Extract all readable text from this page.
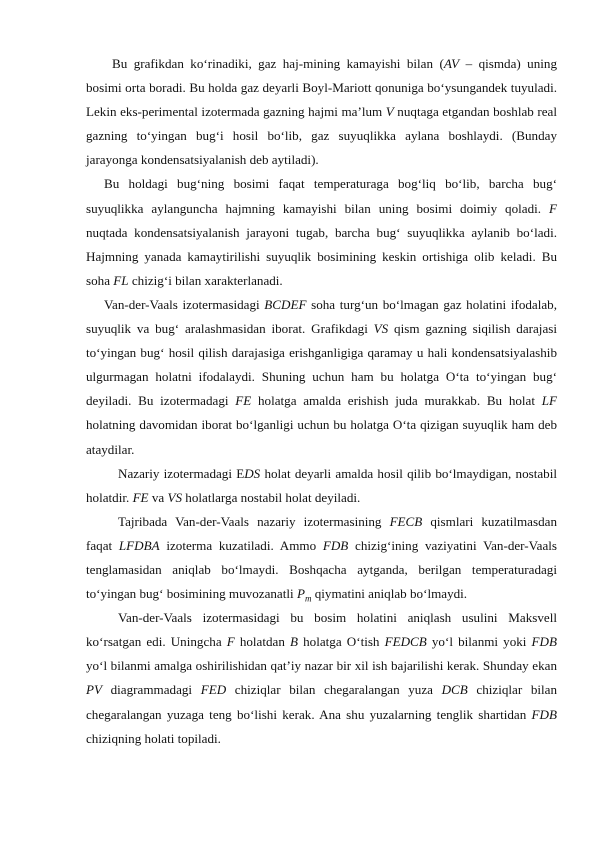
Bu grafikdan ko‘rinadiki, gaz haj-mining kamayishi bilan (AV – qismda) uning bosimi orta boradi. Bu holda gaz deyarli Boyl-Mariott qonuniga bo‘ysungandek tuyuladi. Lekin eks-perimental izotermada gazning hajmi ma’lum V nuqtaga etgandan boshlab real gazning to‘yingan bug‘i hosil bo‘lib, gaz suyuqlikka aylana boshlaydi. (Bunday jarayonga kondensatsiyalanish deb aytiladi).

Bu holdagi bug‘ning bosimi faqat temperaturaga bog‘liq bo‘lib, barcha bug‘ suyuqlikka aylanguncha hajmning kamayishi bilan uning bosimi doimiy qoladi. F nuqtada kondensatsiyalanish jarayoni tugab, barcha bug‘ suyuqlikka aylanib bo‘ladi. Hajmning yanada kamaytirilishi suyuqlik bosimining keskin ortishiga olib keladi. Bu soha FL chizig‘i bilan xarakterlanadi.

Van-der-Vaals izotermasidagi BCDEF soha turg‘un bo‘lmagan gaz holatini ifodalab, suyuqlik va bug‘ aralashmasidan iborat. Grafikdagi VS qism gazning siqilish darajasi to‘yingan bug‘ hosil qilish darajasiga erishganligiga qaramay u hali kondensatsiyalashib ulgurmagan holatni ifodalaydi. Shuning uchun ham bu holatga O‘ta to‘yingan bug‘ deyiladi. Bu izotermadagi FE holatga amalda erishish juda murakkab. Bu holat LF holatning davomidan iborat bo‘lganligi uchun bu holatga O‘ta qizigan suyuqlik ham deb ataydilar.

Nazariy izotermadagi EDS holat deyarli amalda hosil qilib bo‘lmaydigan, nostabil holatdir. FE va VS holatlarga nostabil holat deyiladi.

Tajribada Van-der-Vaals nazariy izotermasining FECB qismlari kuzatilmasdan faqat LFDBA izoterma kuzatiladi. Ammo FDB chizig‘ining vaziyatini Van-der-Vaals tenglamasidan aniqlab bo‘lmaydi. Boshqacha aytganda, berilgan temperaturadagi to‘yingan bug‘ bosimining muvozanatli $P_m$ qiymatini aniqlab bo‘lmaydi.

Van-der-Vaals izotermasidagi bu bosim holatini aniqlash usulini Maksvell ko‘rsatgan edi. Uningcha F holatdan B holatga O‘tish FEDCB yo‘l bilanmi yoki FDB yo‘l bilanmi amalga oshirilishidan qat’iy nazar bir xil ish bajarilishi kerak. Shunday ekan PV diagrammadagi FED chiziqlar bilan chegaralangan yuza DCB chiziqlar bilan chegaralangan yuzaga teng bo‘lishi kerak. Ana shu yuzalarning tenglik shartidan FDB chiziqning holati topiladi.
